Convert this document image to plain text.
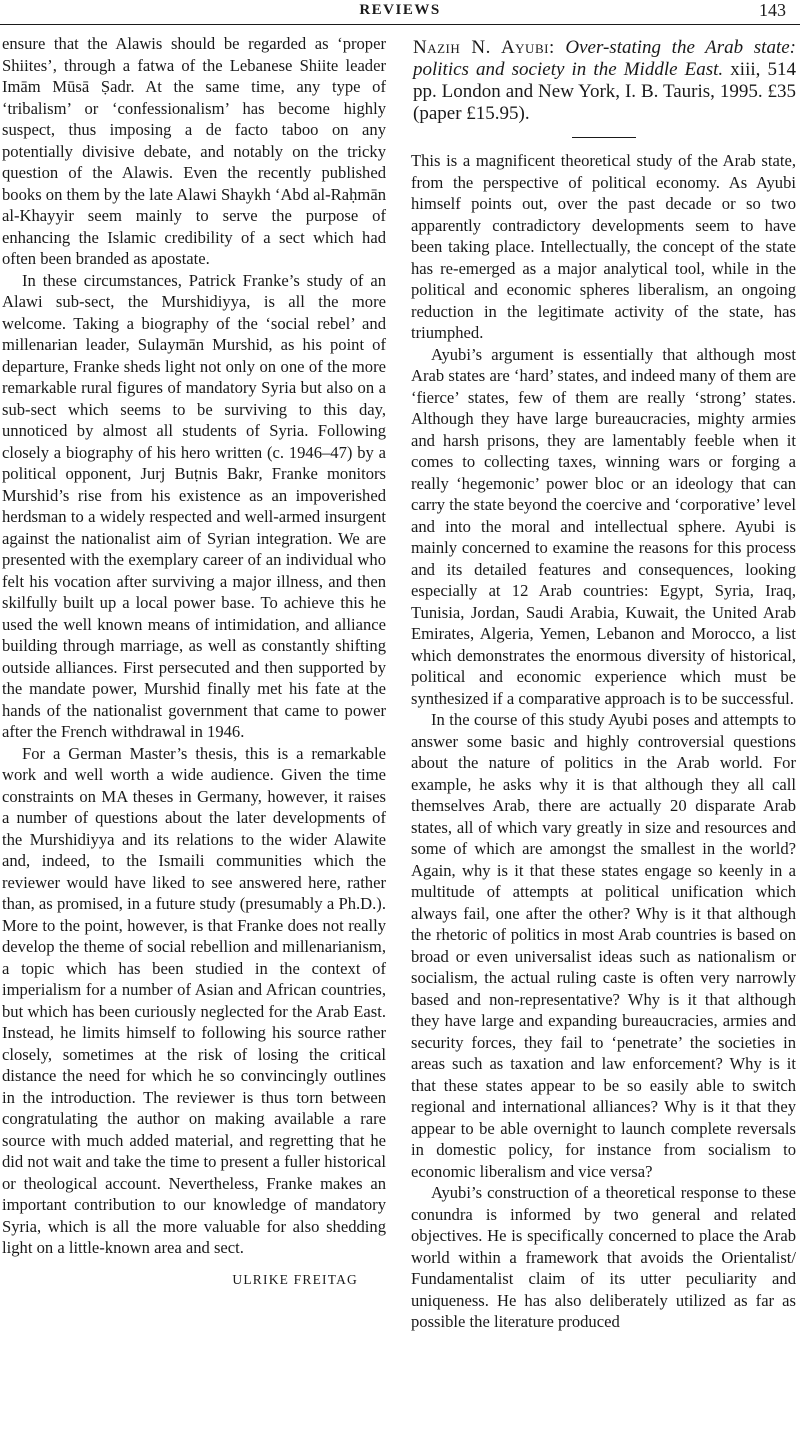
REVIEWS	143

ensure that the Alawis should be regarded as ‘proper Shiites’, through a fatwa of the Lebanese Shiite leader Imām Mūsā Ṣadr. At the same time, any type of ‘tribalism’ or ‘confessionalism’ has become highly suspect, thus imposing a de facto taboo on any potentially divisive debate, and notably on the tricky question of the Alawis. Even the recently published books on them by the late Alawi Shaykh ‘Abd al-Raḥmān al-Khayyir seem mainly to serve the purpose of enhancing the Islamic credibility of a sect which had often been branded as apostate.

In these circumstances, Patrick Franke’s study of an Alawi sub-sect, the Murshidiyya, is all the more welcome. Taking a biography of the ‘social rebel’ and millenarian leader, Sulaymān Murshid, as his point of departure, Franke sheds light not only on one of the more remarkable rural figures of mandatory Syria but also on a sub-sect which seems to be surviving to this day, unnoticed by almost all students of Syria. Following closely a biography of his hero written (c. 1946–47) by a political opponent, Jurj Buṭnis Bakr, Franke monitors Murshid’s rise from his existence as an impoverished herdsman to a widely respected and well-armed insurgent against the nationalist aim of Syrian integration. We are presented with the exemplary career of an individual who felt his vocation after surviving a major illness, and then skilfully built up a local power base. To achieve this he used the well known means of intimidation, and alliance building through marriage, as well as constantly shifting outside alliances. First persecuted and then supported by the mandate power, Murshid finally met his fate at the hands of the nationalist government that came to power after the French withdrawal in 1946.

For a German Master’s thesis, this is a remarkable work and well worth a wide audience. Given the time constraints on MA theses in Germany, however, it raises a number of questions about the later developments of the Murshidiyya and its relations to the wider Alawite and, indeed, to the Ismaili communities which the reviewer would have liked to see answered here, rather than, as promised, in a future study (presumably a Ph.D.). More to the point, however, is that Franke does not really develop the theme of social rebellion and millenarianism, a topic which has been studied in the context of imperialism for a number of Asian and African countries, but which has been curiously neglected for the Arab East. Instead, he limits himself to following his source rather closely, sometimes at the risk of losing the critical distance the need for which he so convincingly outlines in the introduction. The reviewer is thus torn between congratulating the author on making available a rare source with much added material, and regretting that he did not wait and take the time to present a fuller historical or theological account. Nevertheless, Franke makes an important contribution to our knowledge of mandatory Syria, which is all the more valuable for also shedding light on a little-known area and sect.

ULRIKE FREITAG
Nazih N. Ayubi: Over-stating the Arab state: politics and society in the Middle East. xiii, 514 pp. London and New York, I. B. Tauris, 1995. £35 (paper £15.95).

This is a magnificent theoretical study of the Arab state, from the perspective of political economy. As Ayubi himself points out, over the past decade or so two apparently contradictory developments seem to have been taking place. Intellectually, the concept of the state has re-emerged as a major analytical tool, while in the political and economic spheres liberalism, an ongoing reduction in the legitimate activity of the state, has triumphed.

Ayubi’s argument is essentially that although most Arab states are ‘hard’ states, and indeed many of them are ‘fierce’ states, few of them are really ‘strong’ states. Although they have large bureaucracies, mighty armies and harsh prisons, they are lamentably feeble when it comes to collecting taxes, winning wars or forging a really ‘hegemonic’ power bloc or an ideology that can carry the state beyond the coercive and ‘corporative’ level and into the moral and intellectual sphere. Ayubi is mainly concerned to examine the reasons for this process and its detailed features and consequences, looking especially at 12 Arab countries: Egypt, Syria, Iraq, Tunisia, Jordan, Saudi Arabia, Kuwait, the United Arab Emirates, Algeria, Yemen, Lebanon and Morocco, a list which demonstrates the enormous diversity of historical, political and economic experience which must be synthesized if a comparative approach is to be successful.

In the course of this study Ayubi poses and attempts to answer some basic and highly controversial questions about the nature of politics in the Arab world. For example, he asks why it is that although they all call themselves Arab, there are actually 20 disparate Arab states, all of which vary greatly in size and resources and some of which are amongst the smallest in the world? Again, why is it that these states engage so keenly in a multitude of attempts at political unification which always fail, one after the other? Why is it that although the rhetoric of politics in most Arab countries is based on broad or even universalist ideas such as nationalism or socialism, the actual ruling caste is often very narrowly based and non-representative? Why is it that although they have large and expanding bureaucracies, armies and security forces, they fail to ‘penetrate’ the societies in areas such as taxation and law enforcement? Why is it that these states appear to be so easily able to switch regional and international alliances? Why is it that they appear to be able overnight to launch complete reversals in domestic policy, for instance from socialism to economic liberalism and vice versa?

Ayubi’s construction of a theoretical response to these conundra is informed by two general and related objectives. He is specifically concerned to place the Arab world within a framework that avoids the Orientalist/ Fundamentalist claim of its utter peculiarity and uniqueness. He has also deliberately utilized as far as possible the literature produced
